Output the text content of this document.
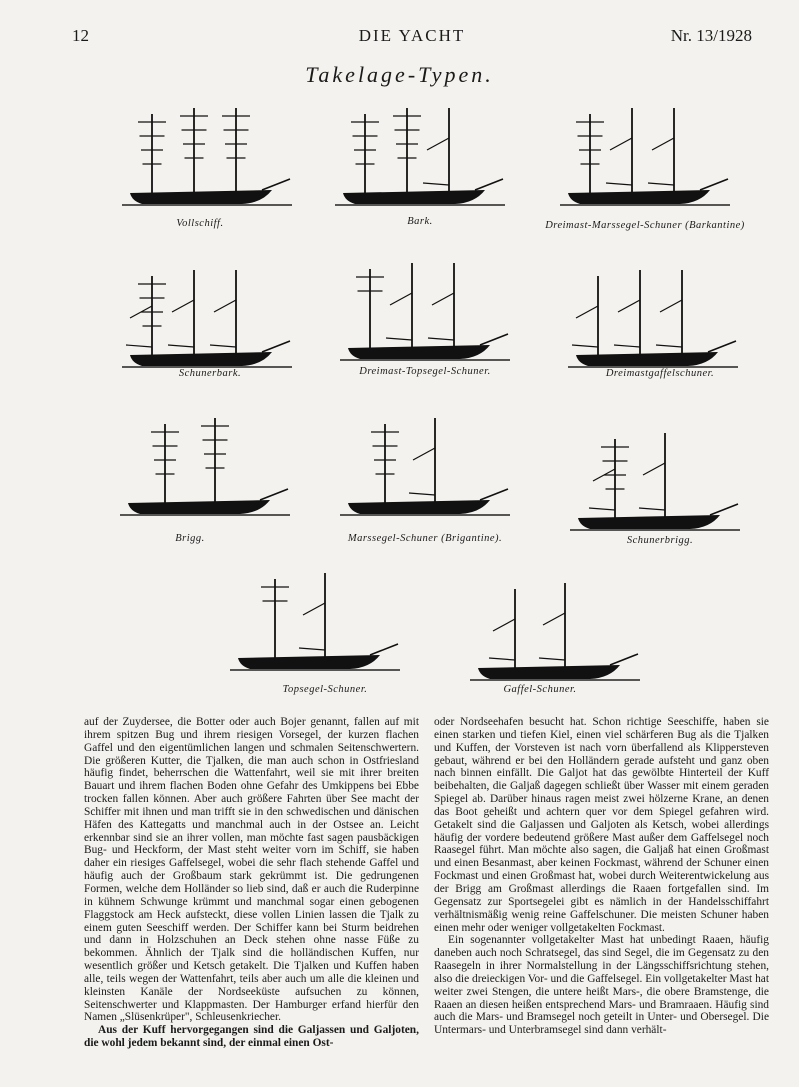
12	DIE YACHT	Nr. 13/1928
Takelage-Typen.
Vollschiff.	Bark.	Dreimast-Marssegel-Schuner (Barkantine)
Schunerbark.	Dreimast-Topsegel-Schuner.	Dreimastgaffelschuner.
Brigg.	Marssegel-Schuner (Brigantine).	Schunerbrigg.
Topsegel-Schuner.	Gaffel-Schuner.

auf der Zuydersee, die Botter oder auch Bojer genannt, fallen auf mit ihrem spitzen Bug und ihrem riesigen Vorsegel, der kurzen flachen Gaffel und den eigentümlichen langen und schmalen Seitenschwertern. Die größeren Kutter, die Tjalken, die man auch schon in Ostfriesland häufig findet, beherrschen die Wattenfahrt, weil sie mit ihrer breiten Bauart und ihrem flachen Boden ohne Gefahr des Umkippens bei Ebbe trocken fallen können. Aber auch größere Fahrten über See macht der Schiffer mit ihnen und man trifft sie in den schwedischen und dänischen Häfen des Kattegatts und manchmal auch in der Ostsee an. Leicht erkennbar sind sie an ihrer vollen, man möchte fast sagen pausbäckigen Bug- und Heckform, der Mast steht weiter vorn im Schiff, sie haben daher ein riesiges Gaffelsegel, wobei die sehr flach stehende Gaffel und häufig auch der Großbaum stark gekrümmt ist. Die gedrungenen Formen, welche dem Holländer so lieb sind, daß er auch die Ruderpinne in kühnem Schwunge krümmt und manchmal sogar einen gebogenen Flaggstock am Heck aufsteckt, diese vollen Linien lassen die Tjalk zu einem guten Seeschiff werden. Der Schiffer kann bei Sturm beidrehen und dann in Holzschuhen an Deck stehen ohne nasse Füße zu bekommen. Ähnlich der Tjalk sind die holländischen Kuffen, nur wesentlich größer und Ketsch getakelt. Die Tjalken und Kuffen haben alle, teils wegen der Wattenfahrt, teils aber auch um alle die kleinen und kleinsten Kanäle der Nordseeküste aufsuchen zu können, Seitenschwerter und Klappmasten. Der Hamburger erfand hierfür den Namen „Slüsenkrüper", Schleusenkriecher.

Aus der Kuff hervorgegangen sind die Galjassen und Galjoten, die wohl jedem bekannt sind, der einmal einen Ost-

oder Nordseehafen besucht hat. Schon richtige Seeschiffe, haben sie einen starken und tiefen Kiel, einen viel schärferen Bug als die Tjalken und Kuffen, der Vorsteven ist nach vorn überfallend als Klippersteven gebaut, während er bei den Holländern gerade aufsteht und ganz oben nach binnen einfällt. Die Galjot hat das gewölbte Hinterteil der Kuff beibehalten, die Galjaß dagegen schließt über Wasser mit einem geraden Spiegel ab. Darüber hinaus ragen meist zwei hölzerne Krane, an denen das Boot geheißt und achtern quer vor dem Spiegel gefahren wird. Getakelt sind die Galjassen und Galjoten als Ketsch, wobei allerdings häufig der vordere bedeutend größere Mast außer dem Gaffelsegel noch Raasegel führt. Man möchte also sagen, die Galjaß hat einen Großmast und einen Besanmast, aber keinen Fockmast, während der Schuner einen Fockmast und einen Großmast hat, wobei durch Weiterentwickelung aus der Brigg am Großmast allerdings die Raaen fortgefallen sind. Im Gegensatz zur Sportsegelei gibt es nämlich in der Handelsschiffahrt verhältnismäßig wenig reine Gaffelschuner. Die meisten Schuner haben einen mehr oder weniger vollgetakelten Fockmast.

Ein sogenannter vollgetakelter Mast hat unbedingt Raaen, häufig daneben auch noch Schratsegel, das sind Segel, die im Gegensatz zu den Raasegeln in ihrer Normalstellung in der Längsschiffsrichtung stehen, also die dreieckigen Vor- und die Gaffelsegel. Ein vollgetakelter Mast hat weiter zwei Stengen, die untere heißt Mars-, die obere Bramstenge, die Raaen an diesen heißen entsprechend Mars- und Bramraaen. Häufig sind auch die Mars- und Bramsegel noch geteilt in Unter- und Obersegel. Die Untermars- und Unterbramsegel sind dann verhält-
